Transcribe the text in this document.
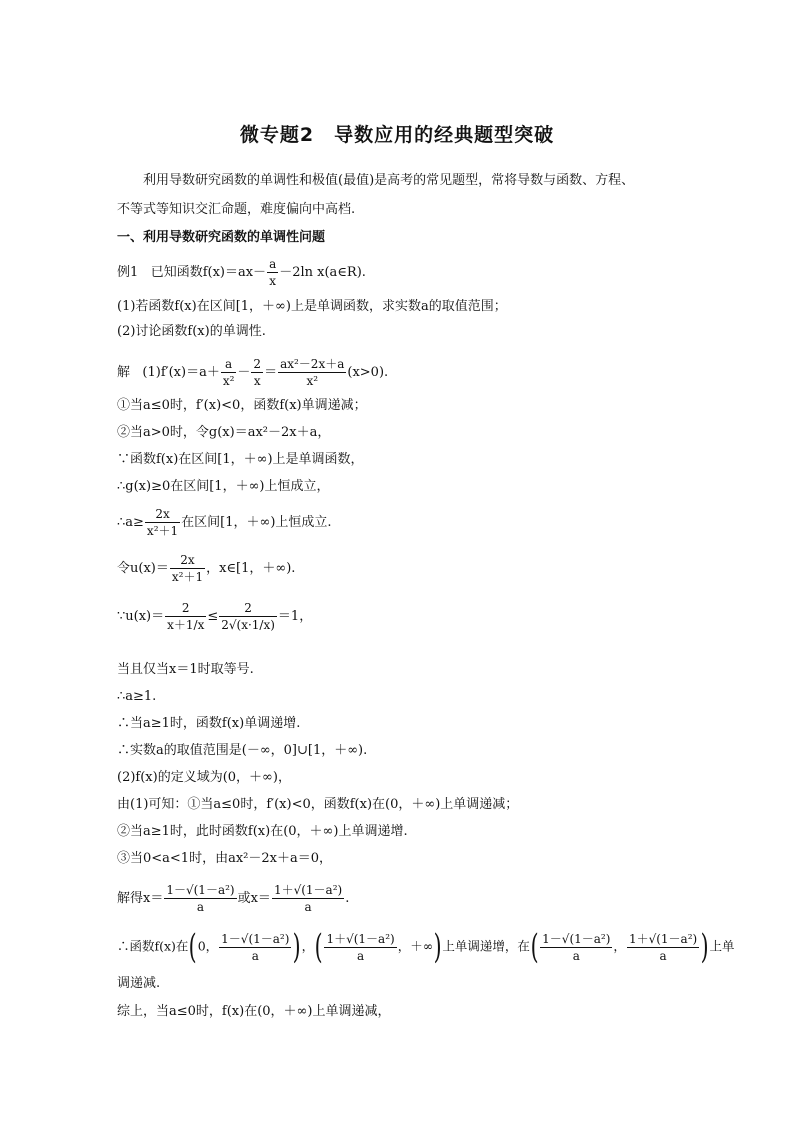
微专题2　导数应用的经典题型突破
利用导数研究函数的单调性和极值(最值)是高考的常见题型，常将导数与函数、方程、
不等式等知识交汇命题，难度偏向中高档.
一、利用导数研究函数的单调性问题
例1 已知函数$f(x)=ax- \frac{a}{x} -2\ln$ x(a∈R).
(1)若函数f(x)在区间[1，＋∞)上是单调函数，求实数a的取值范围；
(2)讨论函数f(x)的单调性.
解 $(1)f'(x)=a+ \frac{a}{\text{x²}} - \frac{2}{x} = \frac{\text{ax²－2x＋a}}{\text{x²}} (x>0)$.
①当a≤0时，f′(x)<0，函数f(x)单调递减；
②当a>0时，令g(x)＝ax²－2x＋a，
∵函数f(x)在区间[1，＋∞)上是单调函数，
∴g(x)≥0在区间[1，＋∞)上恒成立，
∴a≥ $\frac{2x}{\text{x²＋1}}$ 在区间[1，＋∞)上恒成立.
令$u(x)= \frac{2x}{\text{x²＋1}}$ ，x∈[1，＋∞).
∵u(x)＝ $\frac{2}{x+1/x} \le \frac{2}{2√(x\cdot 1/x)} =1$，
当且仅当x＝1时取等号.
∴a≥1.
∴当a≥1时，函数f(x)单调递增.
∴实数a的取值范围是(－∞，0]∪[1，＋∞).
(2)f(x)的定义域为(0，＋∞)，
由(1)可知：①当a≤0时，f′(x)<0，函数f(x)在(0，＋∞)上单调递减；
②当a≥1时，此时函数f(x)在(0，＋∞)上单调递增.
③当0<a<1时，由ax²－2x＋a＝0，
解得$x= \frac{\text{1－√(1－a²)}}{a}$ 或$x= \frac{\text{1＋√(1－a²)}}{a}$ .
∴函数f(x)在(0， $\frac{\text{1－√(1－a²)}}{a}$ )，( $\frac{\text{1＋√(1－a²)}}{a}$ ，＋∞)上单调递增，在( $\frac{\text{1－√(1－a²)}}{a}$ ， $\frac{\text{1＋√(1－a²)}}{a}$ )上单
调递减.
综上，当a≤0时，f(x)在(0，＋∞)上单调递减，
